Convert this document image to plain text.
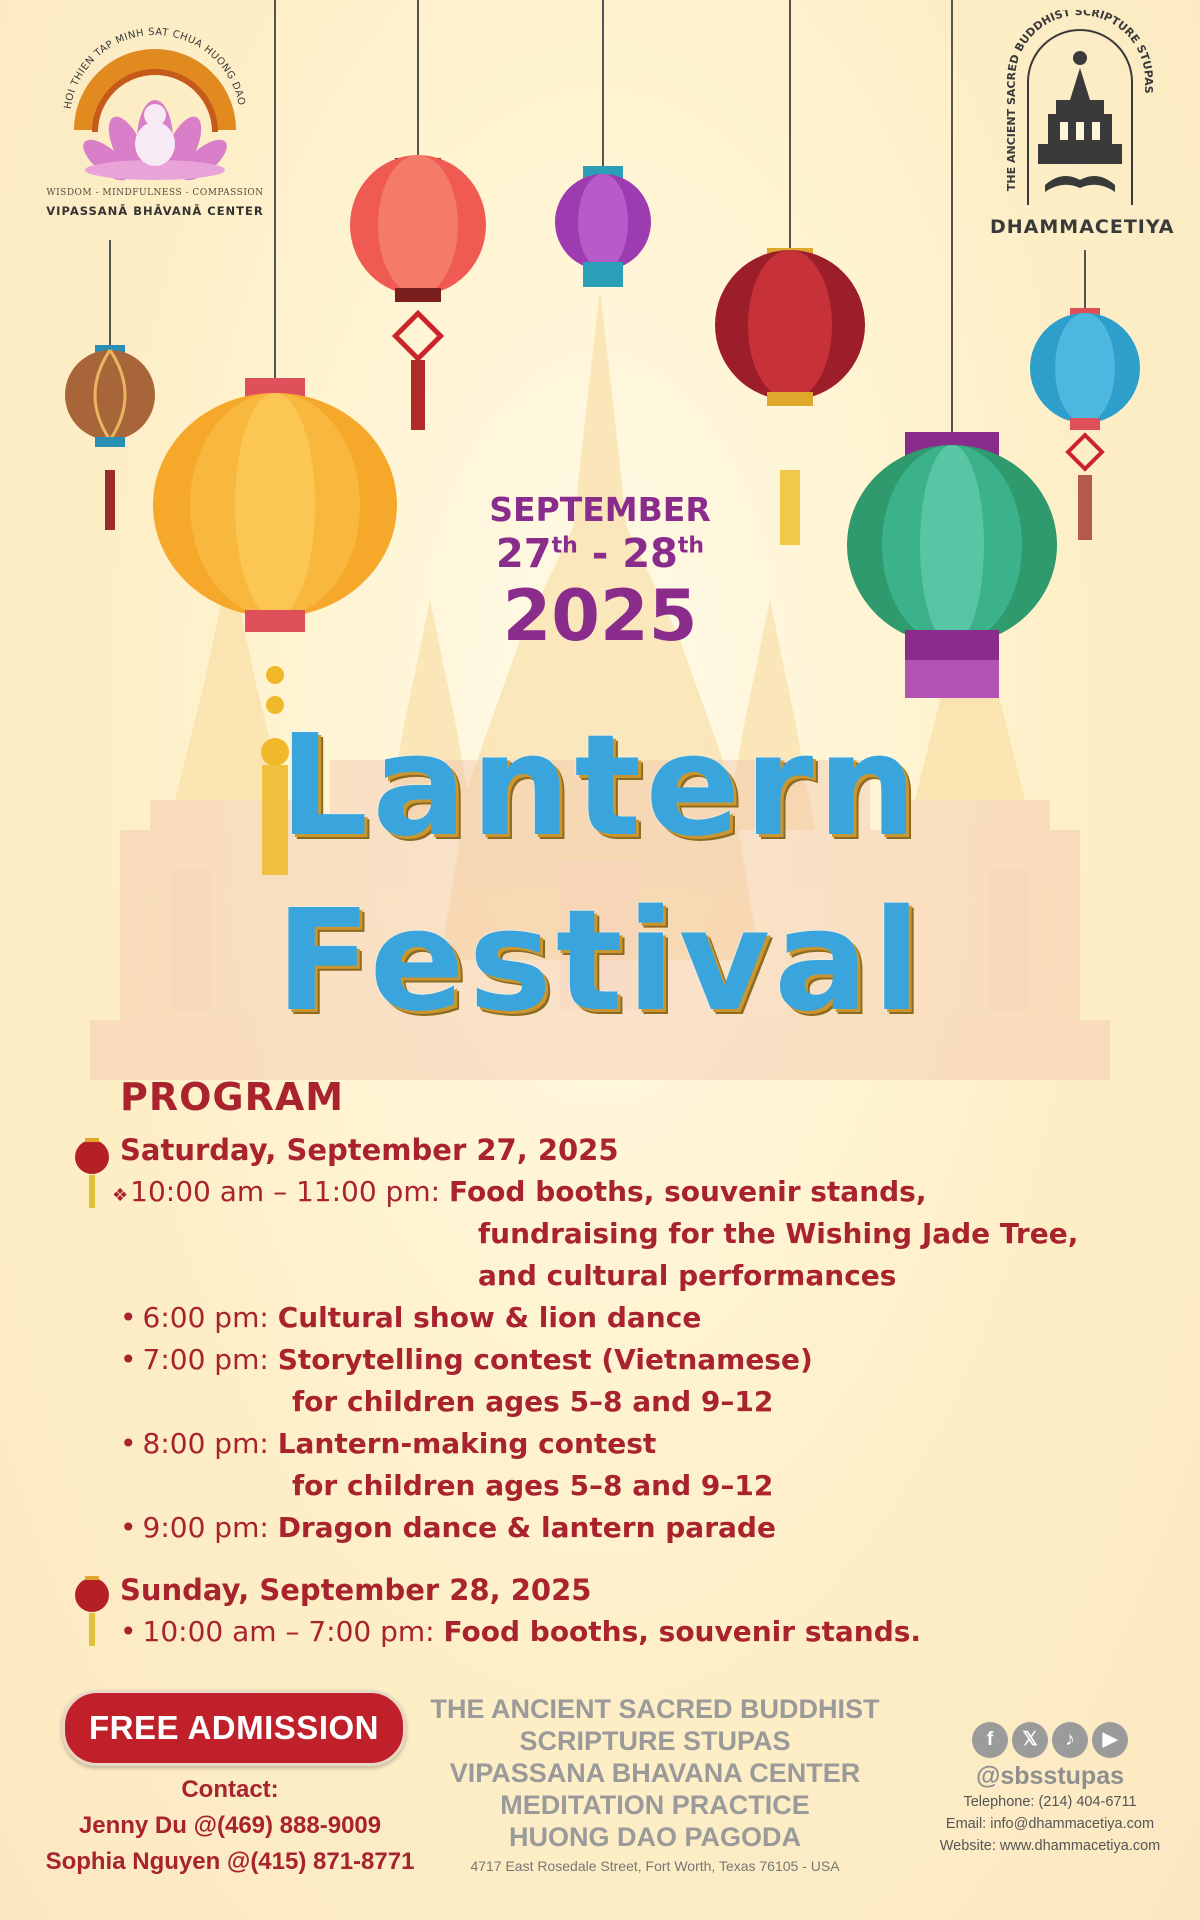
HOI THIEN TAP MINH SAT CHUA HUONG DAO
WISDOM - MINDFULNESS - COMPASSION
VIPASSANĀ BHĀVANĀ CENTER
THE ANCIENT SACRED BUDDHIST SCRIPTURE STUPAS
DHAMMACETIYA
SEPTEMBER
27th - 28th
2025
Lantern
Festival
PROGRAM
Saturday, September 27, 2025
❖10:00 am – 11:00 pm: Food booths, souvenir stands,
fundraising for the Wishing Jade Tree,
and cultural performances
• 6:00 pm: Cultural show & lion dance
• 7:00 pm: Storytelling contest (Vietnamese)
for children ages 5–8 and 9–12
• 8:00 pm: Lantern-making contest
for children ages 5–8 and 9–12
• 9:00 pm: Dragon dance & lantern parade
Sunday, September 28, 2025
• 10:00 am – 7:00 pm: Food booths, souvenir stands.
FREE ADMISSION
Contact:
Jenny Du @(469) 888-9009
Sophia Nguyen @(415) 871-8771
THE ANCIENT SACRED BUDDHIST
SCRIPTURE STUPAS
VIPASSANA BHAVANA CENTER
MEDITATION PRACTICE
HUONG DAO PAGODA
4717 East Rosedale Street, Fort Worth, Texas 76105 - USA
f 𝕏 ♪ ▶
@sbsstupas
Telephone: (214) 404-6711
Email: info@dhammacetiya.com
Website: www.dhammacetiya.com
